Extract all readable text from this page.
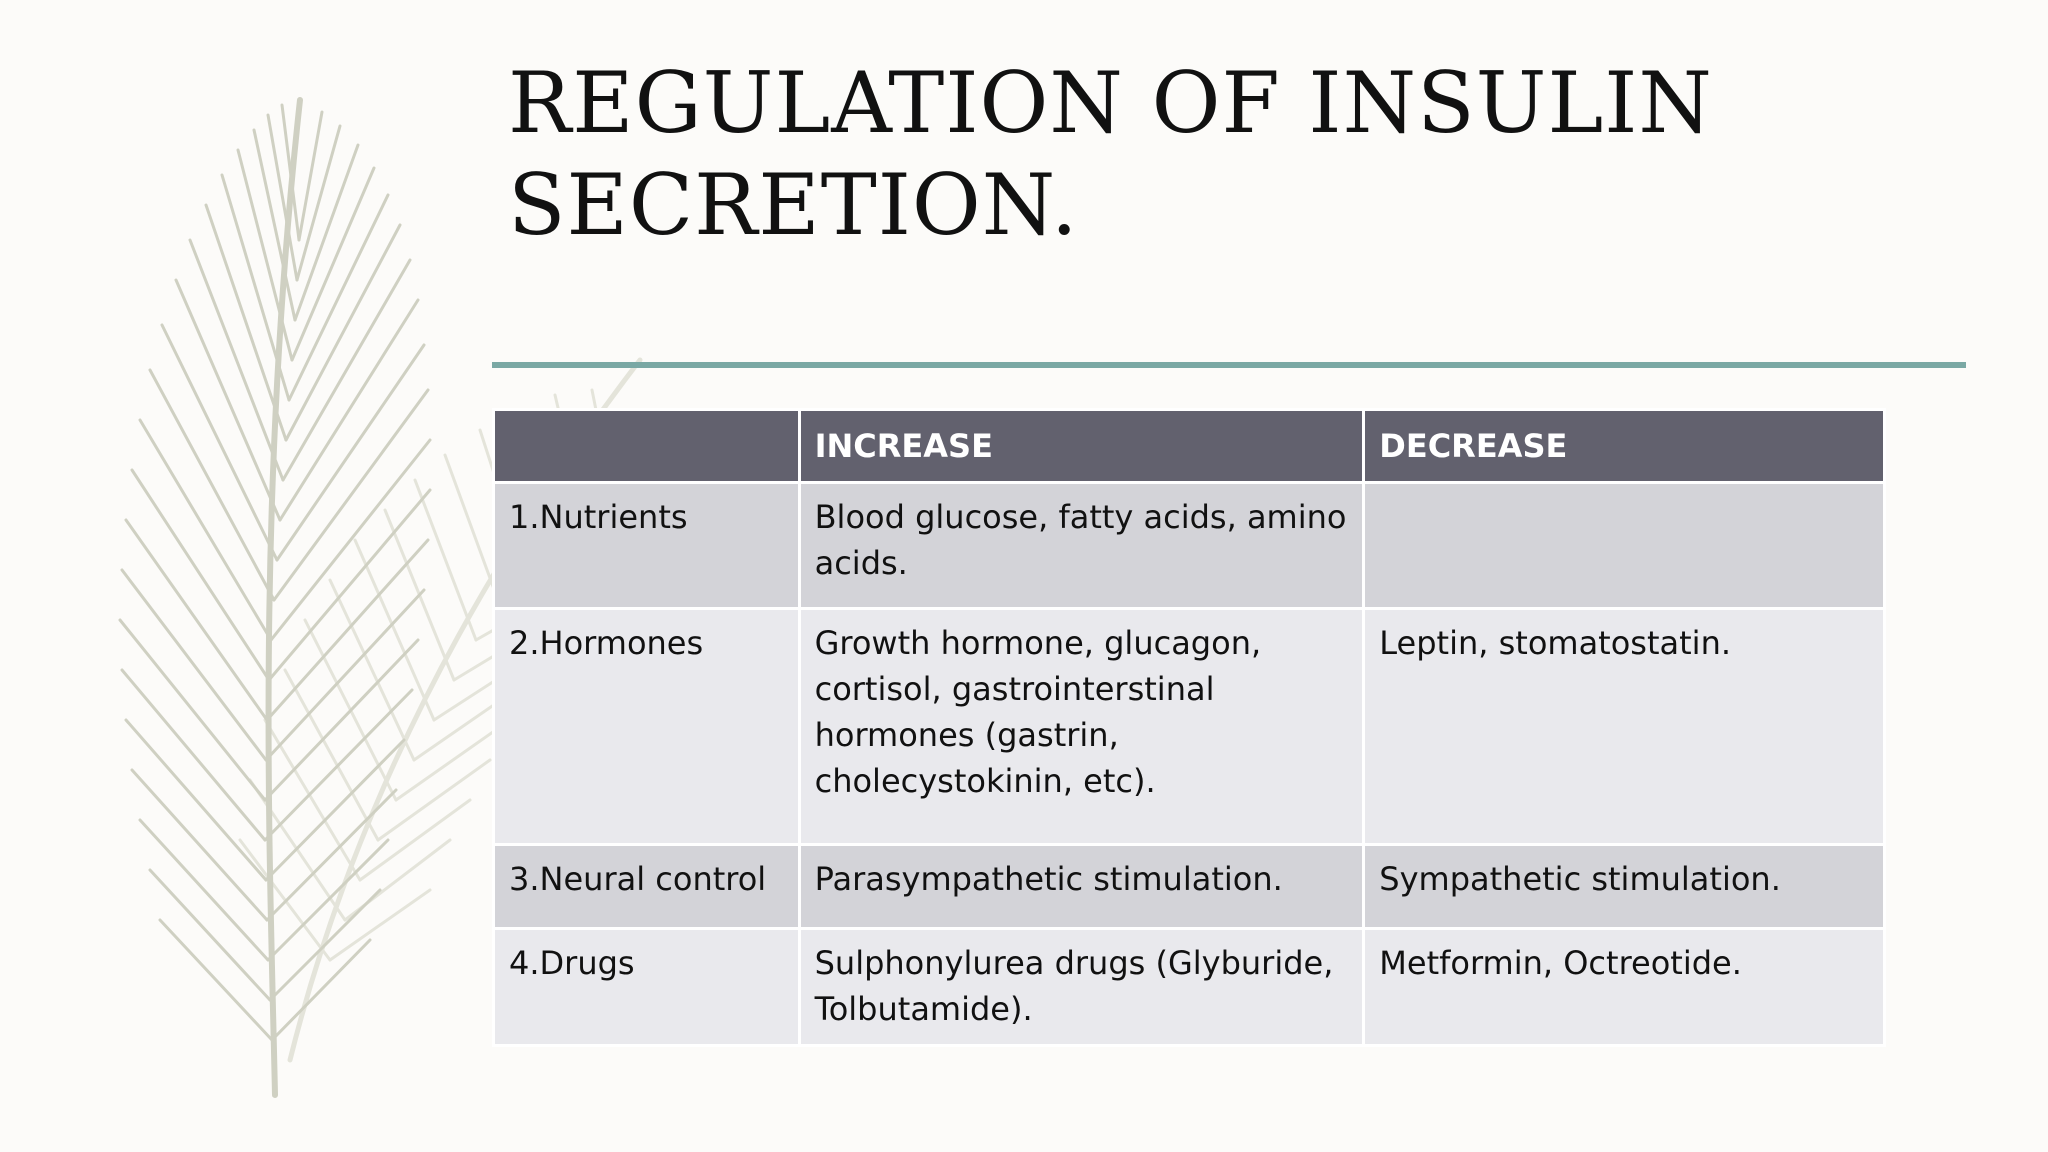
REGULATION OF INSULIN SECRETION.
	INCREASE	DECREASE
1.Nutrients	Blood glucose, fatty acids, amino acids.	
2.Hormones	Growth hormone, glucagon, cortisol, gastrointerstinal hormones (gastrin, cholecystokinin, etc).	Leptin, stomatostatin.
3.Neural control	Parasympathetic stimulation.	Sympathetic stimulation.
4.Drugs	Sulphonylurea drugs (Glyburide, Tolbutamide).	Metformin, Octreotide.
